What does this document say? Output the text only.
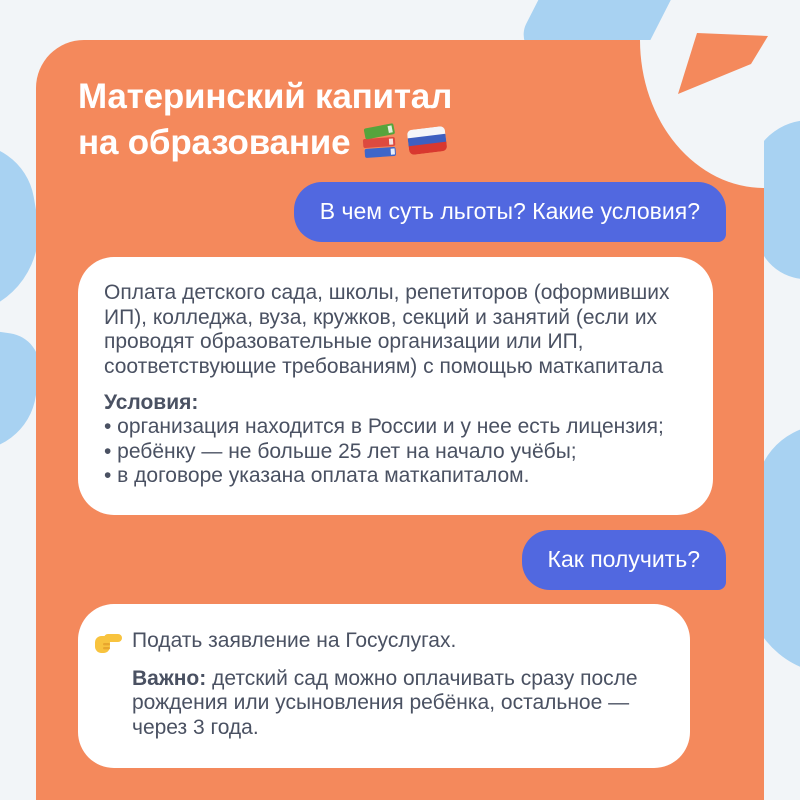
Материнский капитал
на образование
В чем суть льготы? Какие условия?

Оплата детского сада, школы, репетиторов (оформивших ИП), колледжа, вуза, кружков, секций и занятий (если их проводят образовательные организации или ИП, соответствующие требованиям) с помощью маткапитала

Условия:

• организация находится в России и у нее есть лицензия;
• ребёнку — не больше 25 лет на начало учёбы;
• в договоре указана оплата маткапиталом.
Как получить?
Подать заявление на Госуслугах.

Важно: детский сад можно оплачивать сразу после рождения или усыновления ребёнка, остальное — через 3 года.
